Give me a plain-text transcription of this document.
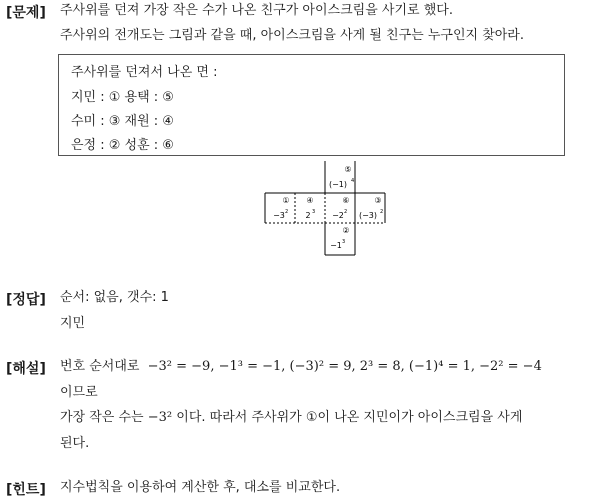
[문제] 주사위를 던져 가장 작은 수가 나온 친구가 아이스크림을 사기로 했다.
주사위의 전개도는 그림과 같을 때, 아이스크림을 사게 될 친구는 누구인지 찾아라.
주사위를 던져서 나온 면 :
지민 : ① 용택 : ⑤
수미 : ③ 재원 : ④
은정 : ② 성훈 : ⑥
⑤
(−1) 4
①
−3 2
④
2 3
⑥
−2 2
③
(−3) 2
②
−1 3
[정답] 순서: 없음, 갯수: 1
지민
[해설] 번호 순서대로 −3² = −9, −1³ = −1, (−3)² = 9, 2³ = 8, (−1)⁴ = 1, −2² = −4
이므로
가장 작은 수는 −3² 이다. 따라서 주사위가 ①이 나온 지민이가 아이스크림을 사게
된다.
[힌트] 지수법칙을 이용하여 계산한 후, 대소를 비교한다.
